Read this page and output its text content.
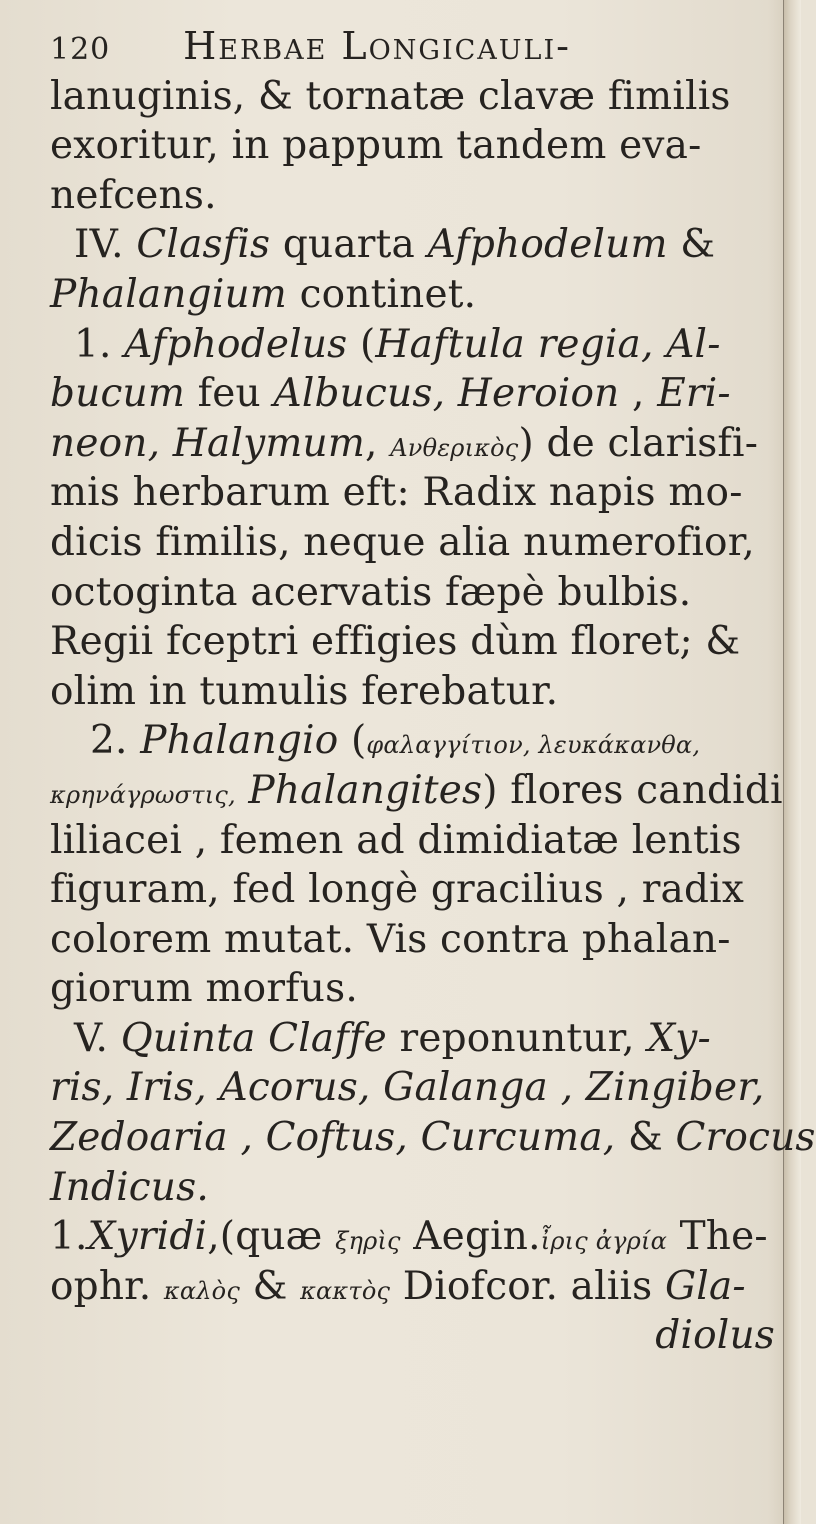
120 Herbae Longicauli-
lanuginis, & tornatæ clavæ fimilis
exoritur, in pappum tandem eva-
nefcens.
IV. Clasfis quarta Afphodelum &
Phalangium continet.
1. Afphodelus (Haftula regia, Al-
bucum feu Albucus, Heroion , Eri-
neon, Halymum, Ανθερικὸς) de clarisfi-
mis herbarum eft: Radix napis mo-
dicis fimilis, neque alia numerofior,
octoginta acervatis fæpè bulbis.
Regii fceptri effigies dùm floret; &
olim in tumulis ferebatur.
2. Phalangio (φαλαγγίτιον, λευκάκανθα,
κρηνάγρωστις, Phalangites) flores candidi
liliacei , femen ad dimidiatæ lentis
figuram, fed longè gracilius , radix
colorem mutat. Vis contra phalan-
giorum morfus.
V. Quinta Claffe reponuntur, Xy-
ris, Iris, Acorus, Galanga , Zingiber,
Zedoaria , Coftus, Curcuma, & Crocus
Indicus.
1.Xyridi,(quæ ξηρὶς Aegin.ἶρις ἀγρία The-
ophr. καλὸς & κακτὸς Diofcor. aliis Gla-
diolus
